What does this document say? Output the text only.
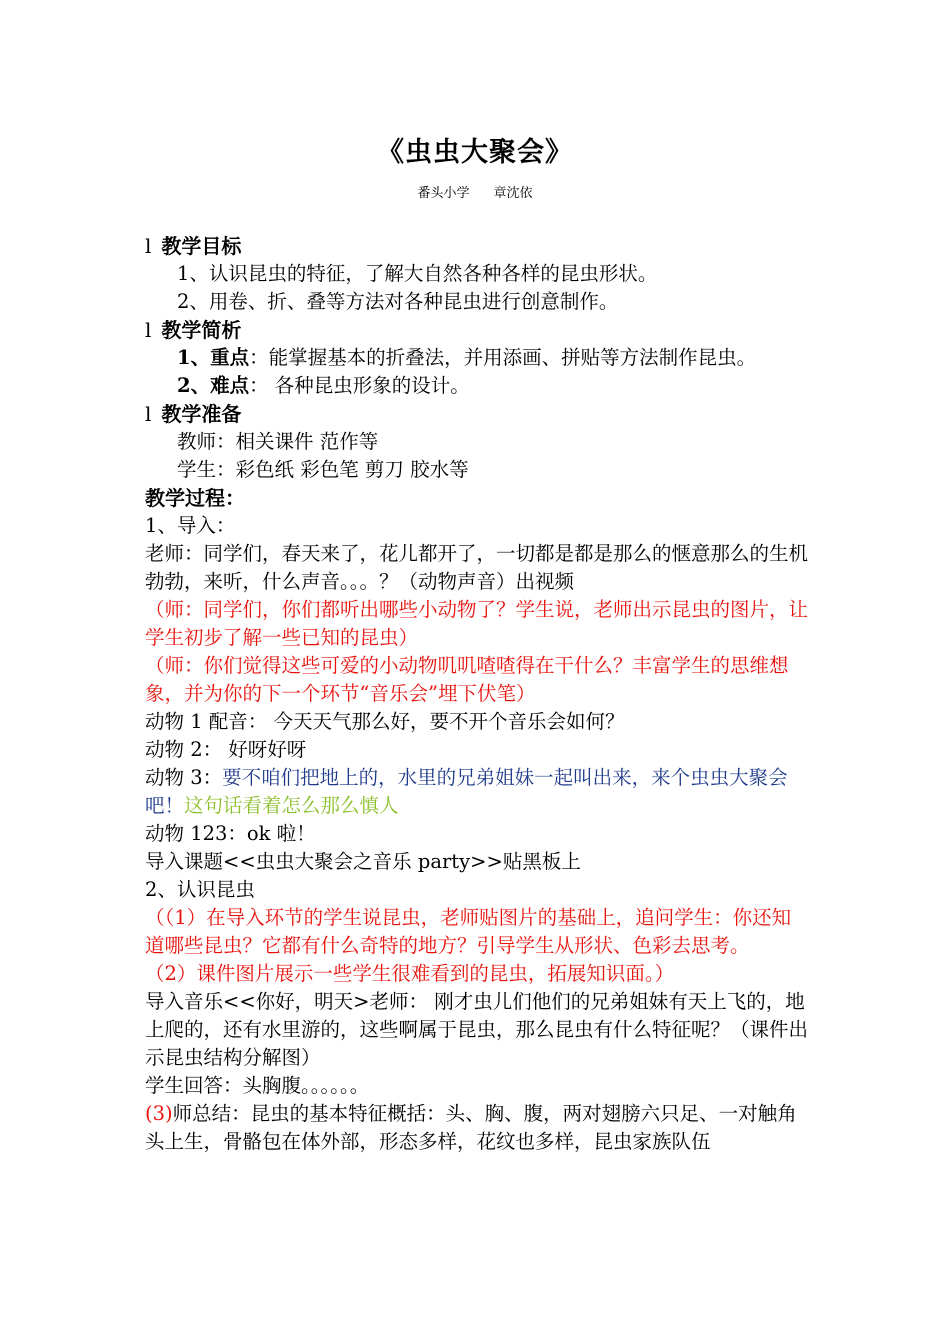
《虫虫大聚会》
番头小学 章沈依

l 教学目标

1、认识昆虫的特征，了解大自然各种各样的昆虫形状。

2、用卷、折、叠等方法对各种昆虫进行创意制作。

l 教学简析

1、重点：能掌握基本的折叠法，并用添画、拼贴等方法制作昆虫。

2、难点： 各种昆虫形象的设计。

l 教学准备

教师：相关课件 范作等

学生：彩色纸 彩色笔 剪刀 胶水等

教学过程：

1、导入：

老师：同学们，春天来了，花儿都开了，一切都是都是那么的惬意那么的生机勃勃，来听，什么声音。。。？（动物声音）出视频

（师：同学们，你们都听出哪些小动物了？学生说，老师出示昆虫的图片，让学生初步了解一些已知的昆虫）

（师：你们觉得这些可爱的小动物叽叽喳喳得在干什么？丰富学生的思维想象，并为你的下一个环节“音乐会”埋下伏笔）

动物 1 配音： 今天天气那么好，要不开个音乐会如何？

动物 2： 好呀好呀

动物 3：要不咱们把地上的，水里的兄弟姐妹一起叫出来，来个虫虫大聚会吧！这句话看着怎么那么慎人

动物 123：ok 啦！

导入课题<<虫虫大聚会之音乐 party>>贴黑板上

2、认识昆虫

（（1）在导入环节的学生说昆虫，老师贴图片的基础上，追问学生：你还知道哪些昆虫？它都有什么奇特的地方？引导学生从形状、色彩去思考。

（2）课件图片展示一些学生很难看到的昆虫，拓展知识面。）

导入音乐<<你好，明天>老师： 刚才虫儿们他们的兄弟姐妹有天上飞的，地上爬的，还有水里游的，这些啊属于昆虫，那么昆虫有什么特征呢？（课件出示昆虫结构分解图）

学生回答：头胸腹。。。。。。

(3)师总结：昆虫的基本特征概括：头、胸、腹，两对翅膀六只足、一对触角头上生，骨骼包在体外部，形态多样，花纹也多样，昆虫家族队伍
